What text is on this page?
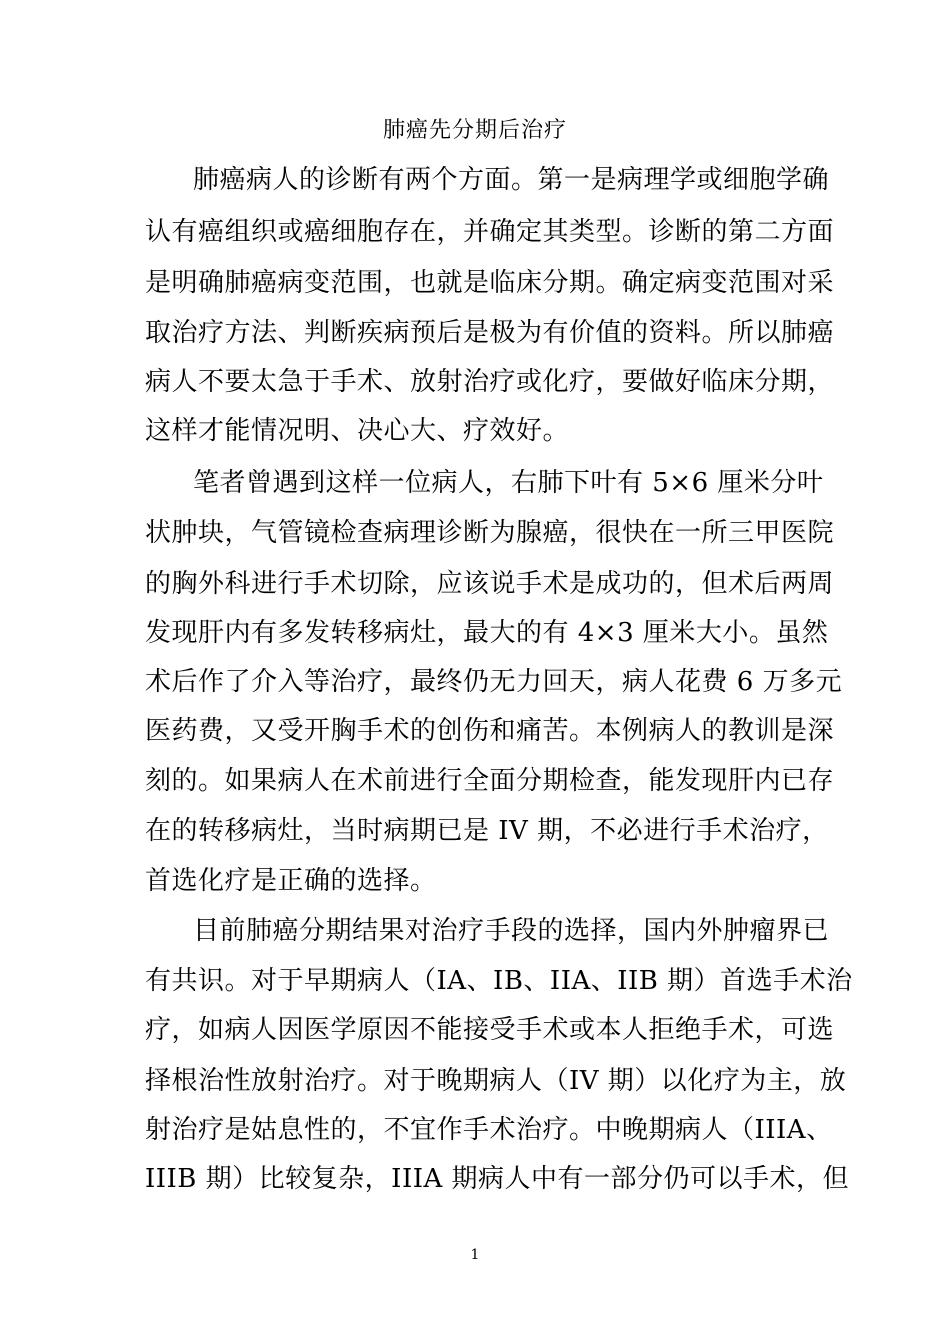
肺癌先分期后治疗
肺癌病人的诊断有两个方面。第一是病理学或细胞学确
认有癌组织或癌细胞存在，并确定其类型。诊断的第二方面
是明确肺癌病变范围，也就是临床分期。确定病变范围对采
取治疗方法、判断疾病预后是极为有价值的资料。所以肺癌
病人不要太急于手术、放射治疗或化疗，要做好临床分期，
这样才能情况明、决心大、疗效好。
笔者曾遇到这样一位病人，右肺下叶有 5×6 厘米分叶
状肿块，气管镜检查病理诊断为腺癌，很快在一所三甲医院
的胸外科进行手术切除，应该说手术是成功的，但术后两周
发现肝内有多发转移病灶，最大的有 4×3 厘米大小。虽然
术后作了介入等治疗，最终仍无力回天，病人花费 6 万多元
医药费，又受开胸手术的创伤和痛苦。本例病人的教训是深
刻的。如果病人在术前进行全面分期检查，能发现肝内已存
在的转移病灶，当时病期已是 IV 期，不必进行手术治疗，
首选化疗是正确的选择。
目前肺癌分期结果对治疗手段的选择，国内外肿瘤界已
有共识。对于早期病人（IA、IB、IIA、IIB 期）首选手术治
疗，如病人因医学原因不能接受手术或本人拒绝手术，可选
择根治性放射治疗。对于晚期病人（IV 期）以化疗为主，放
射治疗是姑息性的，不宜作手术治疗。中晚期病人（IIIA、
IIIB 期）比较复杂，IIIA 期病人中有一部分仍可以手术，但
1
